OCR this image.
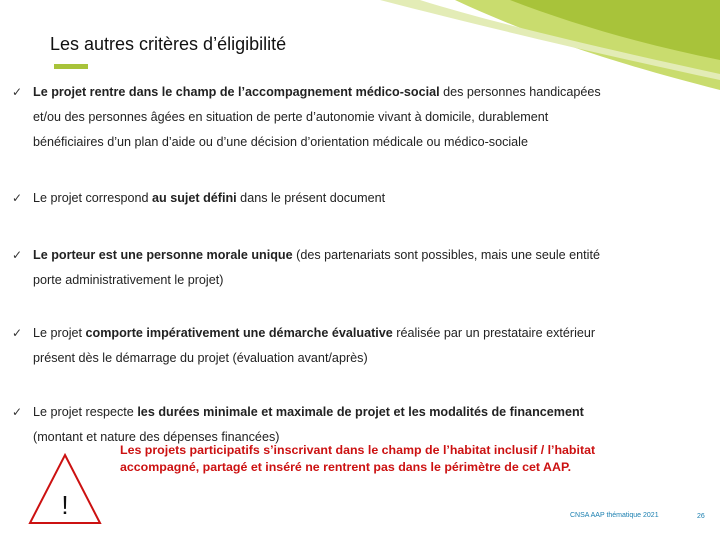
Les autres critères d’éligibilité
✓ Le projet rentre dans le champ de l’accompagnement médico-social des personnes handicapées
et/ou des personnes âgées en situation de perte d’autonomie vivant à domicile, durablement
bénéficiaires d’un plan d’aide ou d’une décision d’orientation médicale ou médico-sociale
✓ Le projet correspond au sujet défini dans le présent document
✓ Le porteur est une personne morale unique (des partenariats sont possibles, mais une seule entité
porte administrativement le projet)
✓ Le projet comporte impérativement une démarche évaluative réalisée par un prestataire extérieur
présent dès le démarrage du projet (évaluation avant/après)
✓ Le projet respecte les durées minimale et maximale de projet et les modalités de financement
(montant et nature des dépenses financées)
!
Les projets participatifs s’inscrivant dans le champ de l’habitat inclusif / l’habitat
accompagné, partagé et inséré ne rentrent pas dans le périmètre de cet AAP.
CNSA AAP thématique 2021	26
